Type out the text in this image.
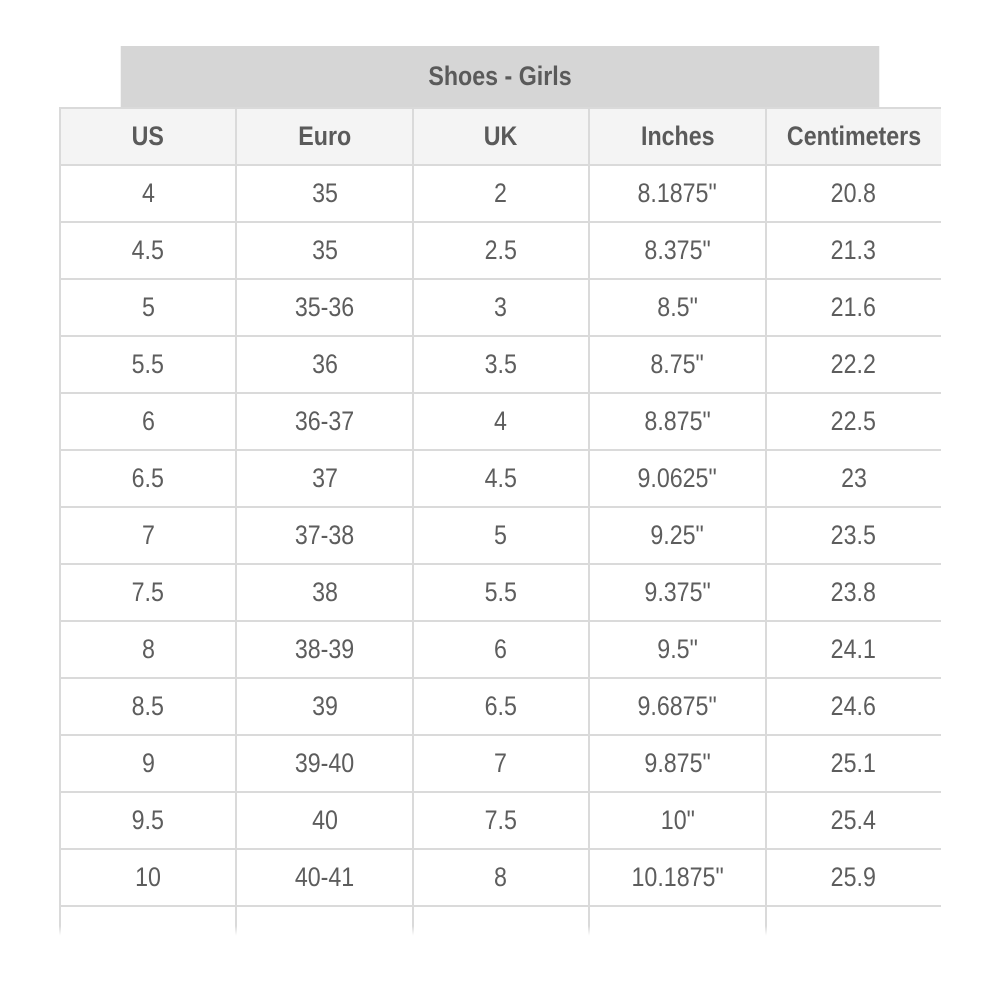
Shoes - Girls
US	Euro	UK	Inches	Centimeters
4	35	2	8.1875"	20.8
4.5	35	2.5	8.375"	21.3
5	35-36	3	8.5"	21.6
5.5	36	3.5	8.75"	22.2
6	36-37	4	8.875"	22.5
6.5	37	4.5	9.0625"	23
7	37-38	5	9.25"	23.5
7.5	38	5.5	9.375"	23.8
8	38-39	6	9.5"	24.1
8.5	39	6.5	9.6875"	24.6
9	39-40	7	9.875"	25.1
9.5	40	7.5	10"	25.4
10	40-41	8	10.1875"	25.9
